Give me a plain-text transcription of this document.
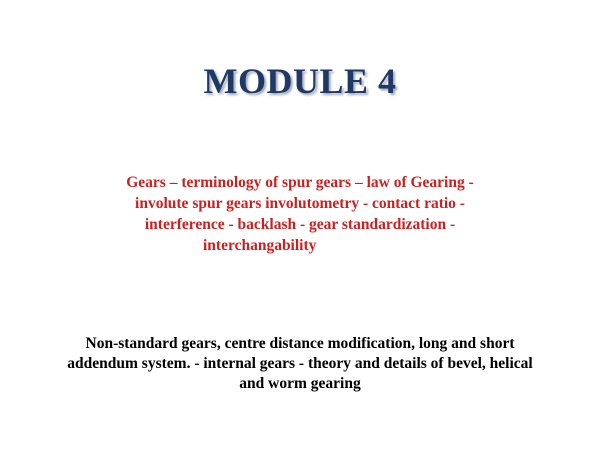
MODULE 4
Gears – terminology of spur gears – law of Gearing -
involute spur gears involutometry - contact ratio -
interference - backlash - gear standardization -
interchangability
Non-standard gears, centre distance modification, long and short
addendum system. - internal gears - theory and details of bevel, helical
and worm gearing
